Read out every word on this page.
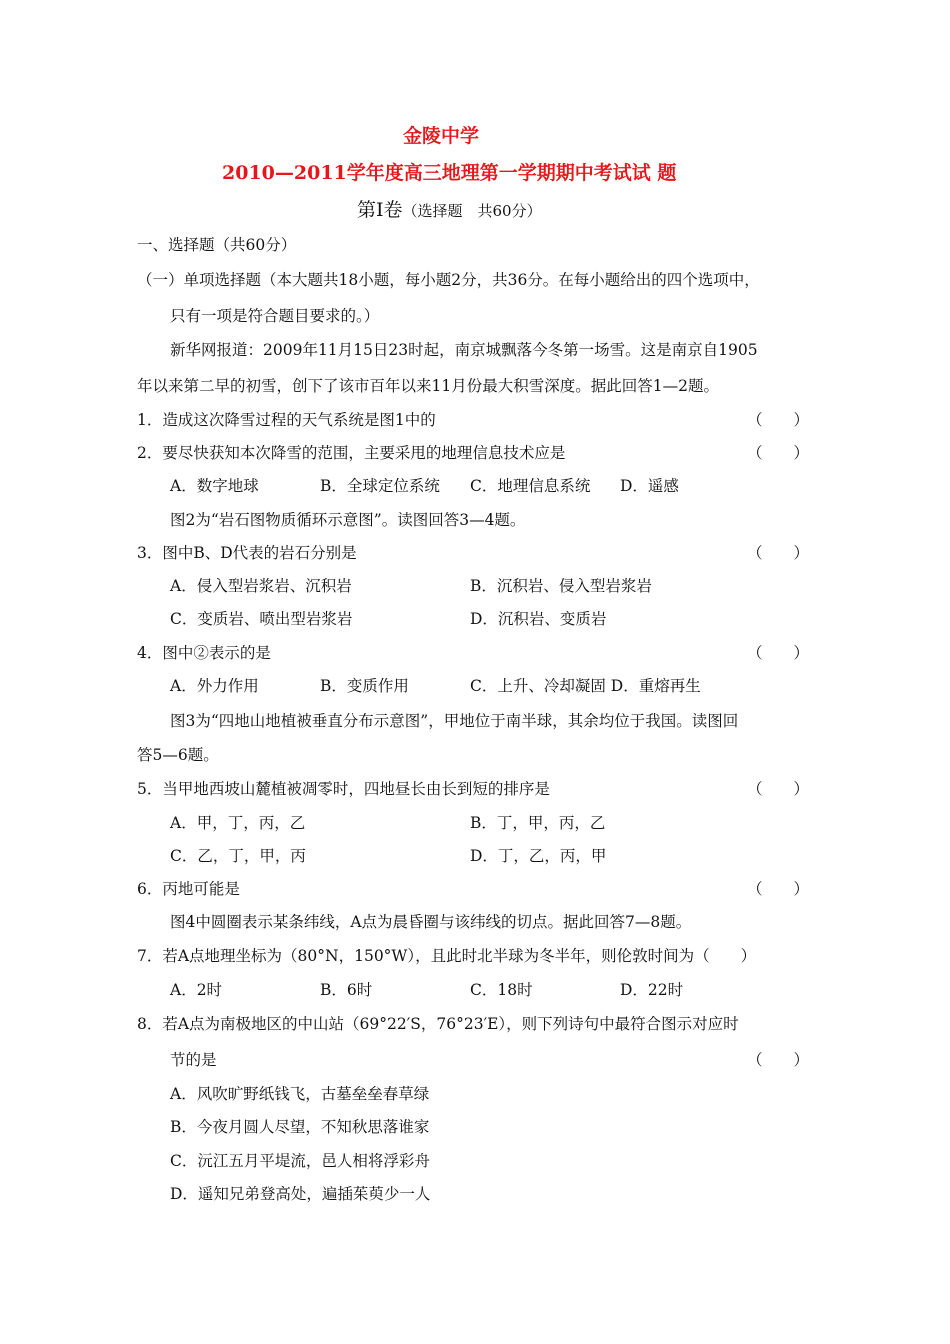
金陵中学
2010—2011学年度高三地理第一学期期中考试试 题
第Ⅰ卷（选择题　共60分）
一、选择题（共60分）
（一）单项选择题（本大题共18小题，每小题2分，共36分。在每小题给出的四个选项中，
只有一项是符合题目要求的。）
新华网报道：2009年11月15日23时起，南京城飘落今冬第一场雪。这是南京自1905
年以来第二早的初雪，创下了该市百年以来11月份最大积雪深度。据此回答1—2题。
1．造成这次降雪过程的天气系统是图1中的	（　　）
2．要尽快获知本次降雪的范围，主要采甩的地理信息技术应是	（　　）
A．数字地球	B．全球定位系统 C．地理信息系统 D．遥感
图2为“岩石图物质循环示意图”。读图回答3—4题。
3．图中B、D代表的岩石分别是	（　　）
A．侵入型岩浆岩、沉积岩	B．沉积岩、侵入型岩浆岩
C．变质岩、喷出型岩浆岩	D．沉积岩、变质岩
4．图中②表示的是	（　　）
A．外力作用	B．变质作用	C．上升、冷却凝固 D．重熔再生
图3为“四地山地植被垂直分布示意图”，甲地位于南半球，其余均位于我国。读图回
答5—6题。
5．当甲地西坡山麓植被凋零时，四地昼长由长到短的排序是	（　　）
A．甲，丁，丙，乙	B．丁，甲，丙，乙
C．乙，丁，甲，丙	D．丁，乙，丙，甲
6．丙地可能是	（　　）
图4中圆圈表示某条纬线，A点为晨昏圈与该纬线的切点。据此回答7—8题。
7．若A点地理坐标为（80°N，150°W），且此时北半球为冬半年，则伦敦时间为（　　）
A．2时	B．6时	C．18时	D．22时
8．若A点为南极地区的中山站（69°22′S，76°23′E），则下列诗句中最符合图示对应时
节的是	（　　）
A．风吹旷野纸钱飞，古墓垒垒春草绿
B．今夜月圆人尽望，不知秋思落谁家
C．沅江五月平堤流，邑人相将浮彩舟
D．遥知兄弟登高处，遍插茱萸少一人
